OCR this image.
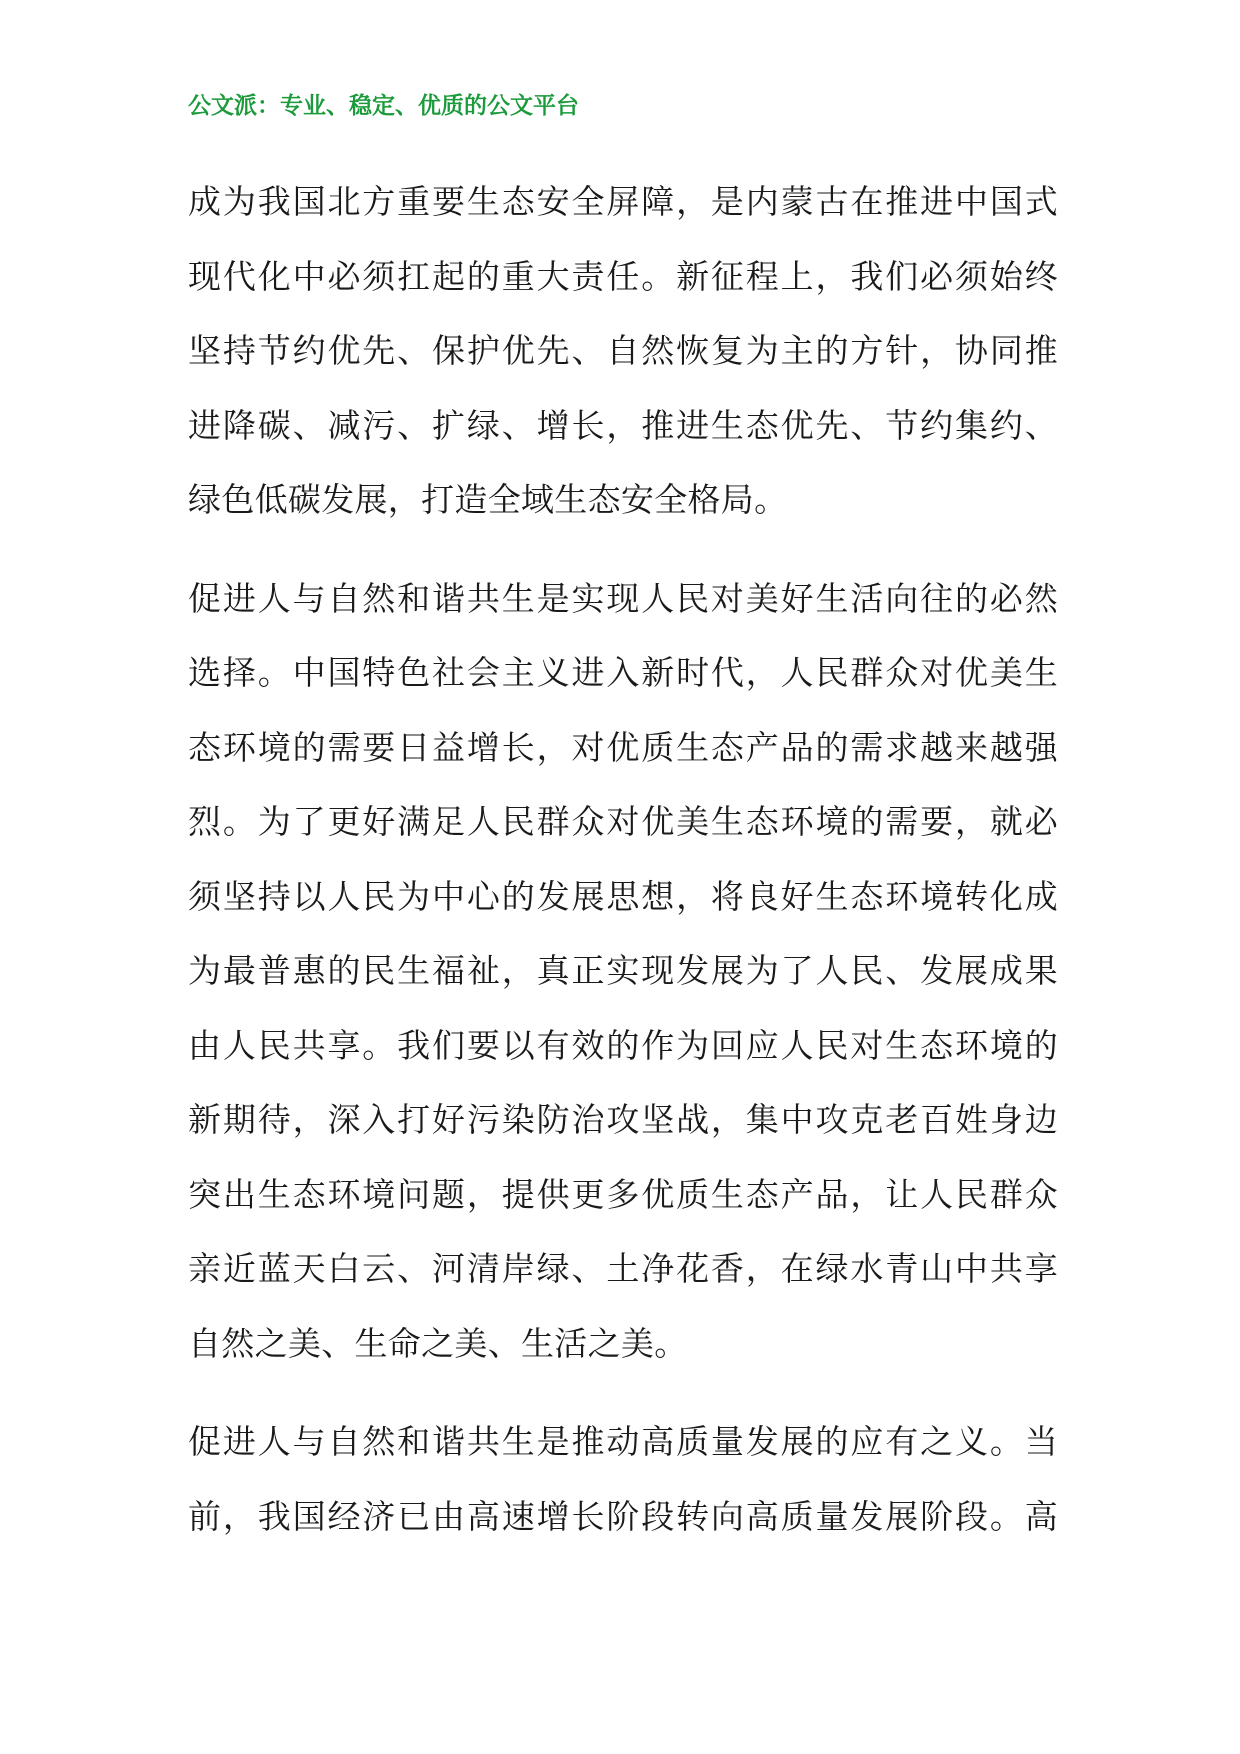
公文派：专业、稳定、优质的公文平台
成为我国北方重要生态安全屏障，是内蒙古在推进中国式
现代化中必须扛起的重大责任。新征程上，我们必须始终
坚持节约优先、保护优先、自然恢复为主的方针，协同推
进降碳、减污、扩绿、增长，推进生态优先、节约集约、
绿色低碳发展，打造全域生态安全格局。
促进人与自然和谐共生是实现人民对美好生活向往的必然
选择。中国特色社会主义进入新时代，人民群众对优美生
态环境的需要日益增长，对优质生态产品的需求越来越强
烈。为了更好满足人民群众对优美生态环境的需要，就必
须坚持以人民为中心的发展思想，将良好生态环境转化成
为最普惠的民生福祉，真正实现发展为了人民、发展成果
由人民共享。我们要以有效的作为回应人民对生态环境的
新期待，深入打好污染防治攻坚战，集中攻克老百姓身边
突出生态环境问题，提供更多优质生态产品，让人民群众
亲近蓝天白云、河清岸绿、土净花香，在绿水青山中共享
自然之美、生命之美、生活之美。
促进人与自然和谐共生是推动高质量发展的应有之义。当
前，我国经济已由高速增长阶段转向高质量发展阶段。高
